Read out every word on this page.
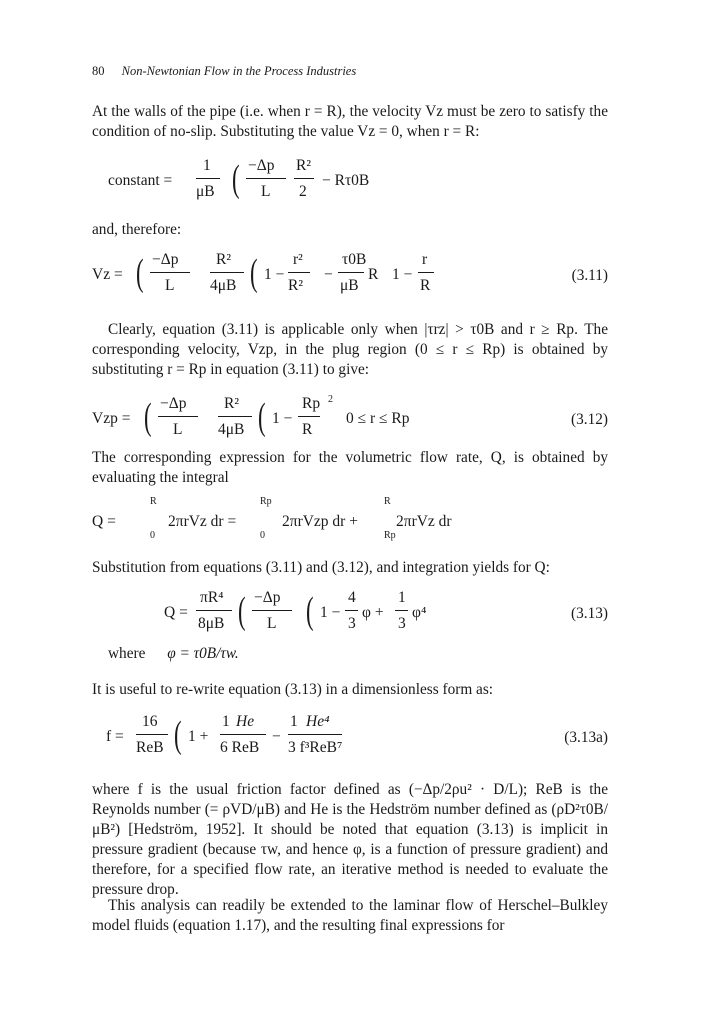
80 Non-Newtonian Flow in the Process Industries

At the walls of the pipe (i.e. when r = R), the velocity Vz must be zero to satisfy the condition of no-slip. Substituting the value Vz = 0, when r = R:

constant =
1
μB ( −Δp
L
R²
2
− Rτ0B

and, therefore:

Vz = ( −Δp
L
R²
4μB ( 1 −
r²
R²
−
τ0B
μB
R 1 −
r
R
(3.11)

Clearly, equation (3.11) is applicable only when |τrz| > τ0B and r ≥ Rp. The corresponding velocity, Vzp, in the plug region (0 ≤ r ≤ Rp) is obtained by substituting r = Rp in equation (3.11) to give:

Vzp = ( −Δp
L
R²
4μB ( 1 −
Rp
R
2
0 ≤ r ≤ Rp	(3.12)

The corresponding expression for the volumetric flow rate, Q, is obtained by evaluating the integral

Q =
R
0
2πrVz dr =
Rp
0
2πrVzp dr +
R
Rp
2πrVz dr

Substitution from equations (3.11) and (3.12), and integration yields for Q:

Q =
πR⁴
8μB ( −Δp
L ( 1 −
4
3
φ +
1
3
φ⁴	(3.13)
where φ = τ0B/τw.

It is useful to re-write equation (3.13) in a dimensionless form as:

f =
16
ReB ( 1 +
1 He
6 ReB
−
1 He⁴
3 f³ReB⁷
(3.13a)

where f is the usual friction factor defined as (−Δp/2ρu² · D/L); ReB is the Reynolds number (= ρVD/μB) and He is the Hedström number defined as (ρD²τ0B/μB²) [Hedström, 1952]. It should be noted that equation (3.13) is implicit in pressure gradient (because τw, and hence φ, is a function of pressure gradient) and therefore, for a specified flow rate, an iterative method is needed to evaluate the pressure drop.

This analysis can readily be extended to the laminar flow of Herschel–Bulkley model fluids (equation 1.17), and the resulting final expressions for
